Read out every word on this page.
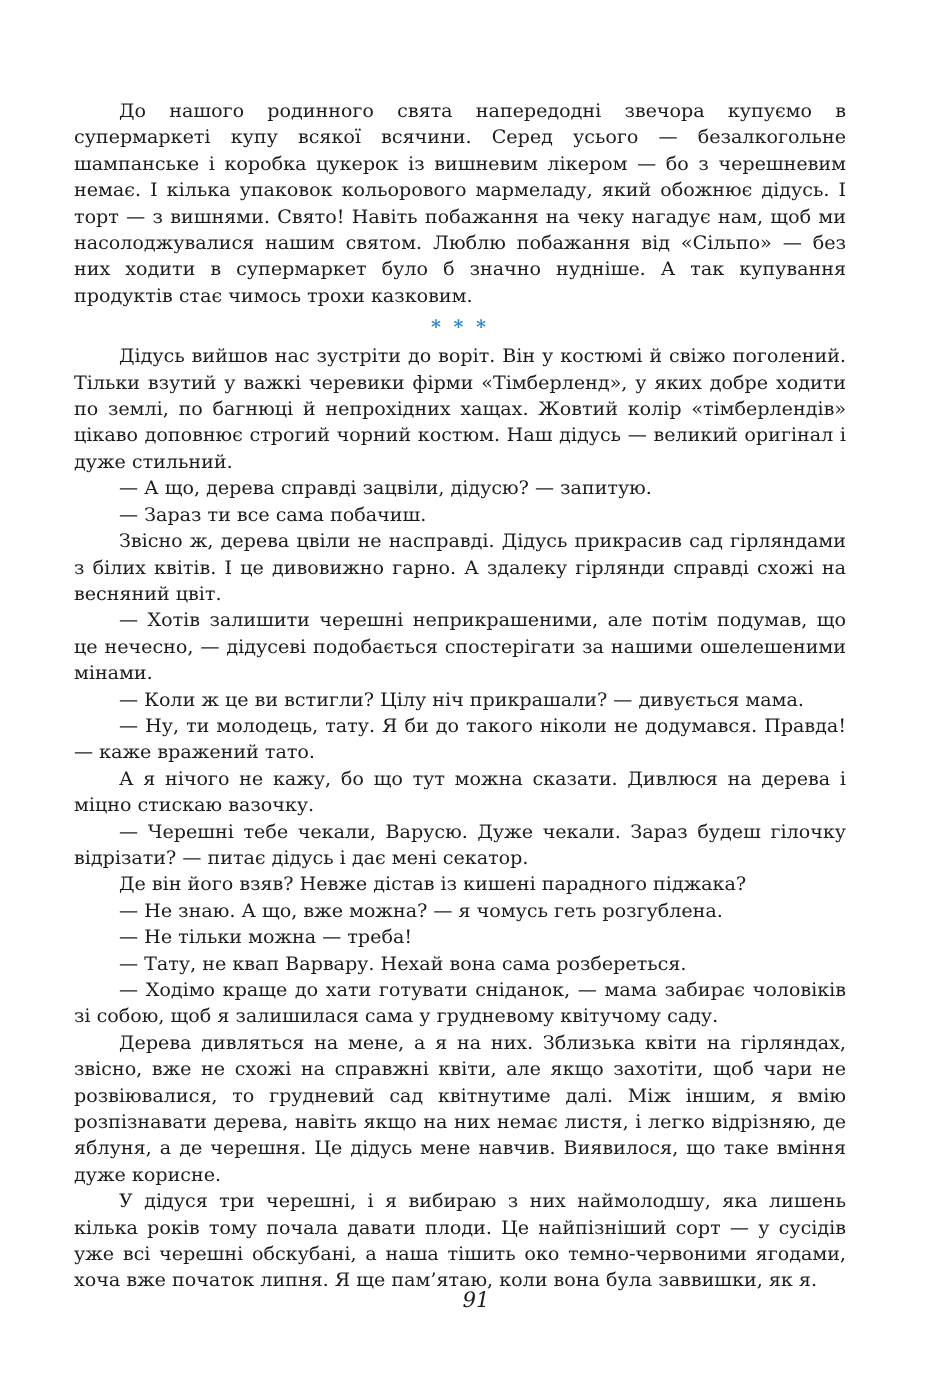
До нашого родинного свята напередодні звечора купуємо в супермаркеті купу всякої всячини. Серед усього — безалкогольне шампанське і коробка цукерок із вишневим лікером — бо з черешневим немає. І кілька упаковок кольорового мармеладу, який обожнює дідусь. І торт — з вишнями. Свято! Навіть побажання на чеку нагадує нам, щоб ми насолоджувалися нашим святом. Люблю побажання від «Сільпо» — без них ходити в супермаркет було б значно нудніше. А так купування продуктів стає чимось трохи казковим.

* * *

Дідусь вийшов нас зустріти до воріт. Він у костюмі й свіжо поголений. Тільки взутий у важкі черевики фірми «Тімберленд», у яких добре ходити по землі, по багнюці й непрохідних хащах. Жовтий колір «тімберлендів» цікаво доповнює строгий чорний костюм. Наш дідусь — великий оригінал і дуже стильний.

— А що, дерева справді зацвіли, дідусю? — запитую.

— Зараз ти все сама побачиш.

Звісно ж, дерева цвіли не насправді. Дідусь прикрасив сад гірляндами з білих квітів. І це дивовижно гарно. А здалеку гірлянди справді схожі на весняний цвіт.

— Хотів залишити черешні неприкрашеними, але потім подумав, що це нечесно, — дідусеві подобається спостерігати за нашими ошелешеними мінами.

— Коли ж це ви встигли? Цілу ніч прикрашали? — дивується мама.

— Ну, ти молодець, тату. Я би до такого ніколи не додумався. Правда! — каже вражений тато.

А я нічого не кажу, бо що тут можна сказати. Дивлюся на дерева і міцно стискаю вазочку.

— Черешні тебе чекали, Варусю. Дуже чекали. Зараз будеш гілочку відрізати? — питає дідусь і дає мені секатор.

Де він його взяв? Невже дістав із кишені парадного піджака?

— Не знаю. А що, вже можна? — я чомусь геть розгублена.

— Не тільки можна — треба!

— Тату, не квап Варвару. Нехай вона сама розбереться.

— Ходімо краще до хати готувати сніданок, — мама забирає чоловіків зі собою, щоб я залишилася сама у грудневому квітучому саду.

Дерева дивляться на мене, а я на них. Зблизька квіти на гірляндах, звісно, вже не схожі на справжні квіти, але якщо захотіти, щоб чари не розвіювалися, то грудневий сад квітнутиме далі. Між іншим, я вмію розпізнавати дерева, навіть якщо на них немає листя, і легко відрізняю, де яблуня, а де черешня. Це дідусь мене навчив. Виявилося, що таке вміння дуже корисне.

У дідуся три черешні, і я вибираю з них наймолодшу, яка лишень кілька років тому почала давати плоди. Це найпізніший сорт — у сусідів уже всі черешні обскубані, а наша тішить око темно-червоними ягодами, хоча вже початок липня. Я ще пам’ятаю, коли вона була заввишки, як я.

91
